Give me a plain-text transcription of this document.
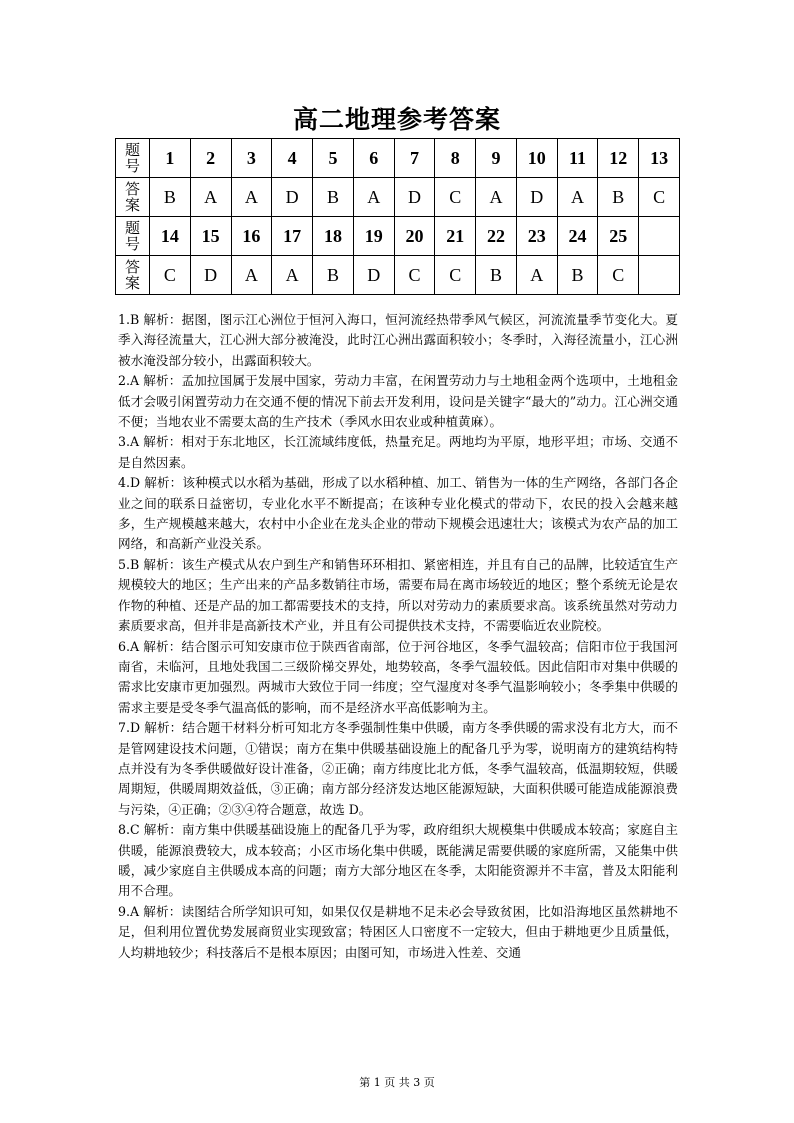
高二地理参考答案
题
号	1	2	3	4	5	6	7	8	9	10	11	12	13
答
案	B	A	A	D	B	A	D	C	A	D	A	B	C
题
号	14	15	16	17	18	19	20	21	22	23	24	25	
答
案	C	D	A	A	B	D	C	C	B	A	B	C	

1.B 解析：据图，图示江心洲位于恒河入海口，恒河流经热带季风气候区，河流流量季节变化大。夏季入海径流量大，江心洲大部分被淹没，此时江心洲出露面积较小；冬季时，入海径流量小，江心洲被水淹没部分较小，出露面积较大。

2.A 解析：孟加拉国属于发展中国家，劳动力丰富，在闲置劳动力与土地租金两个选项中，土地租金低才会吸引闲置劳动力在交通不便的情况下前去开发利用，设问是关键字“最大的”动力。江心洲交通不便；当地农业不需要太高的生产技术（季风水田农业或种植黄麻）。

3.A 解析：相对于东北地区，长江流域纬度低，热量充足。两地均为平原，地形平坦；市场、交通不是自然因素。

4.D 解析：该种模式以水稻为基础，形成了以水稻种植、加工、销售为一体的生产网络，各部门各企业之间的联系日益密切，专业化水平不断提高；在该种专业化模式的带动下，农民的投入会越来越多，生产规模越来越大，农村中小企业在龙头企业的带动下规模会迅速壮大；该模式为农产品的加工网络，和高新产业没关系。

5.B 解析：该生产模式从农户到生产和销售环环相扣、紧密相连，并且有自己的品牌，比较适宜生产规模较大的地区；生产出来的产品多数销往市场，需要布局在离市场较近的地区；整个系统无论是农作物的种植、还是产品的加工都需要技术的支持，所以对劳动力的素质要求高。该系统虽然对劳动力素质要求高，但并非是高新技术产业，并且有公司提供技术支持，不需要临近农业院校。

6.A 解析：结合图示可知安康市位于陕西省南部，位于河谷地区，冬季气温较高；信阳市位于我国河南省，未临河，且地处我国二三级阶梯交界处，地势较高，冬季气温较低。因此信阳市对集中供暖的需求比安康市更加强烈。两城市大致位于同一纬度；空气湿度对冬季气温影响较小；冬季集中供暖的需求主要是受冬季气温高低的影响，而不是经济水平高低影响为主。

7.D 解析：结合题干材料分析可知北方冬季强制性集中供暖，南方冬季供暖的需求没有北方大，而不是管网建设技术问题，①错误；南方在集中供暖基础设施上的配备几乎为零，说明南方的建筑结构特点并没有为冬季供暖做好设计准备，②正确；南方纬度比北方低，冬季气温较高，低温期较短，供暖周期短，供暖周期效益低，③正确；南方部分经济发达地区能源短缺，大面积供暖可能造成能源浪费与污染，④正确；②③④符合题意，故选 D。

8.C 解析：南方集中供暖基础设施上的配备几乎为零，政府组织大规模集中供暖成本较高；家庭自主供暖，能源浪费较大，成本较高；小区市场化集中供暖，既能满足需要供暖的家庭所需，又能集中供暖，减少家庭自主供暖成本高的问题；南方大部分地区在冬季，太阳能资源并不丰富，普及太阳能利用不合理。

9.A 解析：读图结合所学知识可知，如果仅仅是耕地不足未必会导致贫困，比如沿海地区虽然耕地不足，但利用位置优势发展商贸业实现致富；特困区人口密度不一定较大，但由于耕地更少且质量低，人均耕地较少；科技落后不是根本原因；由图可知，市场进入性差、交通

第 1 页 共 3 页
